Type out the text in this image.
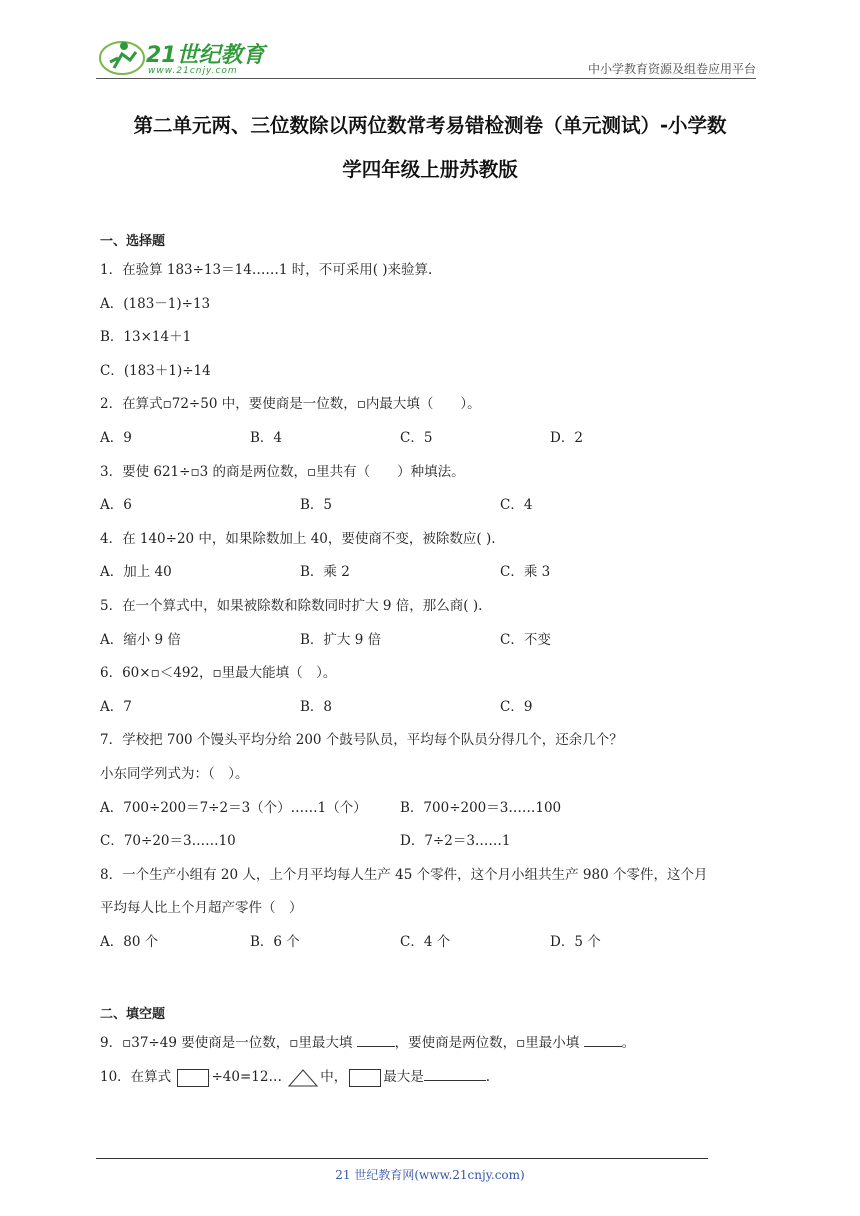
21世纪教育
www.21cnjy.com	中小学教育资源及组卷应用平台
第二单元两、三位数除以两位数常考易错检测卷（单元测试）-小学数
学四年级上册苏教版
一、选择题
1．在验算 183÷13＝14……1 时，不可采用( )来验算.
A．(183－1)÷13
B．13×14＋1
C．(183＋1)÷14
2．在算式▫72÷50 中，要使商是一位数，▫内最大填（　　）。
A．9	B．4	C．5	D．2
3．要使 621÷▫3 的商是两位数，▫里共有（　　）种填法。
A．6	B．5	C．4
4．在 140÷20 中，如果除数加上 40，要使商不变，被除数应( ).
A．加上 40	B．乘 2	C．乘 3
5．在一个算式中，如果被除数和除数同时扩大 9 倍，那么商( ).
A．缩小 9 倍	B．扩大 9 倍	C．不变
6．60×▫＜492，▫里最大能填（　）。
A．7	B．8	C．9
7．学校把 700 个馒头平均分给 200 个鼓号队员，平均每个队员分得几个，还余几个？
小东同学列式为：（　）。
A．700÷200＝7÷2＝3（个）……1（个）	B．700÷200＝3……100
C．70÷20＝3……10	D．7÷2＝3……1
8．一个生产小组有 20 人，上个月平均每人生产 45 个零件，这个月小组共生产 980 个零件，这个月
平均每人比上个月超产零件（　）
A．80 个	B．6 个	C．4 个	D．5 个
二、填空题
9．▫37÷49 要使商是一位数，▫里最大填	，要使商是两位数，▫里最小填	。
10．在算式	÷40=12…	中，	最大是	.
21 世纪教育网(www.21cnjy.com)
